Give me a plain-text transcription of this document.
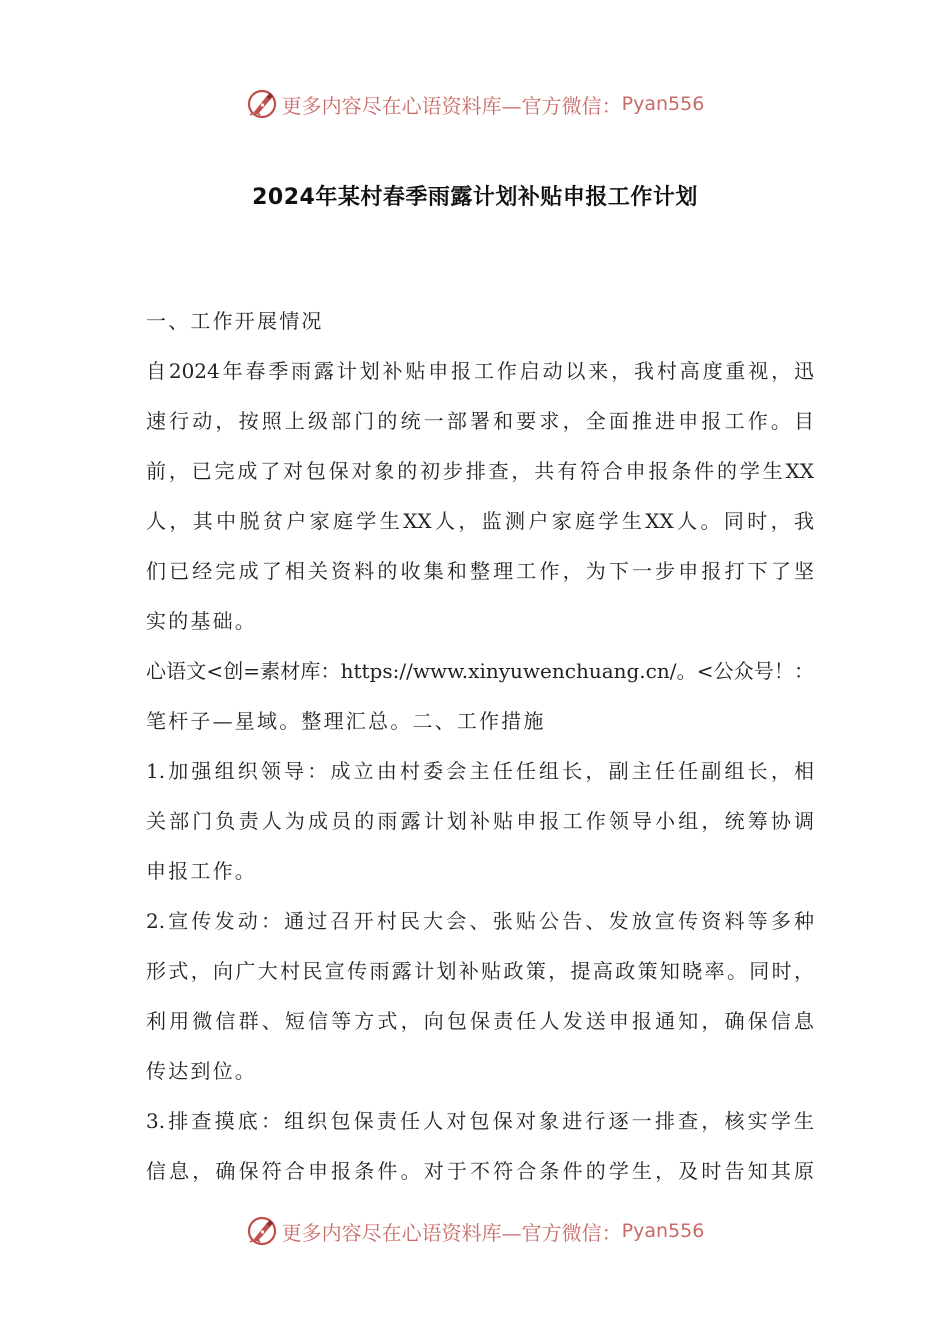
更多内容尽在心语资料库—官方微信： Pyan556
2024年某村春季雨露计划补贴申报工作计划
一、工作开展情况
自2024年春季雨露计划补贴申报工作启动以来，我村高度重视，迅
速行动，按照上级部门的统一部署和要求，全面推进申报工作。目
前，已完成了对包保对象的初步排查，共有符合申报条件的学生XX
人，其中脱贫户家庭学生XX人，监测户家庭学生XX人。同时，我
们已经完成了相关资料的收集和整理工作，为下一步申报打下了坚
实的基础。
心语文<创=素材库：https://www.xinyuwenchuang.cn/。<公众号！：
笔杆子—星域。整理汇总。二、工作措施
1.加强组织领导：成立由村委会主任任组长，副主任任副组长，相
关部门负责人为成员的雨露计划补贴申报工作领导小组，统筹协调
申报工作。
2.宣传发动：通过召开村民大会、张贴公告、发放宣传资料等多种
形式，向广大村民宣传雨露计划补贴政策，提高政策知晓率。同时，
利用微信群、短信等方式，向包保责任人发送申报通知，确保信息
传达到位。
3.排查摸底：组织包保责任人对包保对象进行逐一排查，核实学生
信息，确保符合申报条件。对于不符合条件的学生，及时告知其原
更多内容尽在心语资料库—官方微信： Pyan556
